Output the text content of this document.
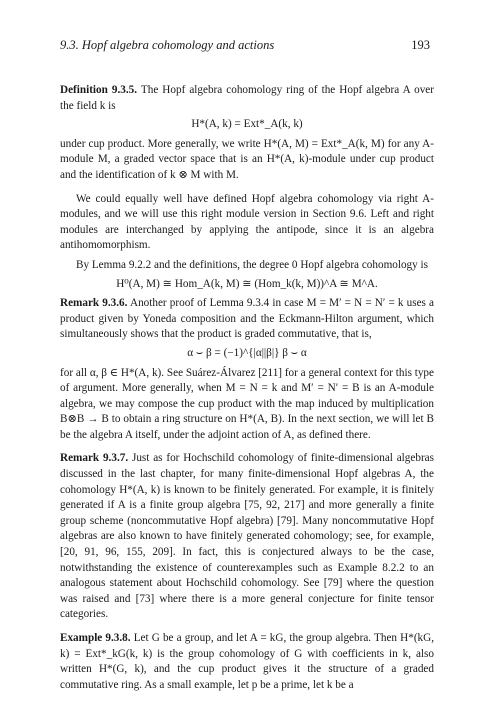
9.3. Hopf algebra cohomology and actions	193

Definition 9.3.5. The Hopf algebra cohomology ring of the Hopf algebra A over the field k is

H*(A, k) = Ext*_A(k, k)

under cup product. More generally, we write H*(A, M) = Ext*_A(k, M) for any A-module M, a graded vector space that is an H*(A, k)-module under cup product and the identification of k ⊗ M with M.

We could equally well have defined Hopf algebra cohomology via right A-modules, and we will use this right module version in Section 9.6. Left and right modules are interchanged by applying the antipode, since it is an algebra antihomomorphism.

By Lemma 9.2.2 and the definitions, the degree 0 Hopf algebra cohomology is

H⁰(A, M) ≅ Hom_A(k, M) ≅ (Hom_k(k, M))^A ≅ M^A.

Remark 9.3.6. Another proof of Lemma 9.3.4 in case M = M′ = N = N′ = k uses a product given by Yoneda composition and the Eckmann-Hilton argument, which simultaneously shows that the product is graded commutative, that is,

α ⌣ β = (−1)^{|α||β|} β ⌣ α

for all α, β ∈ H*(A, k). See Suárez-Álvarez [211] for a general context for this type of argument. More generally, when M = N = k and M′ = N′ = B is an A-module algebra, we may compose the cup product with the map induced by multiplication B⊗B → B to obtain a ring structure on H*(A, B). In the next section, we will let B be the algebra A itself, under the adjoint action of A, as defined there.

Remark 9.3.7. Just as for Hochschild cohomology of finite-dimensional algebras discussed in the last chapter, for many finite-dimensional Hopf algebras A, the cohomology H*(A, k) is known to be finitely generated. For example, it is finitely generated if A is a finite group algebra [75, 92, 217] and more generally a finite group scheme (noncommutative Hopf algebra) [79]. Many noncommutative Hopf algebras are also known to have finitely generated cohomology; see, for example, [20, 91, 96, 155, 209]. In fact, this is conjectured always to be the case, notwithstanding the existence of counterexamples such as Example 8.2.2 to an analogous statement about Hochschild cohomology. See [79] where the question was raised and [73] where there is a more general conjecture for finite tensor categories.

Example 9.3.8. Let G be a group, and let A = kG, the group algebra. Then H*(kG, k) = Ext*_kG(k, k) is the group cohomology of G with coefficients in k, also written H*(G, k), and the cup product gives it the structure of a graded commutative ring. As a small example, let p be a prime, let k be a
